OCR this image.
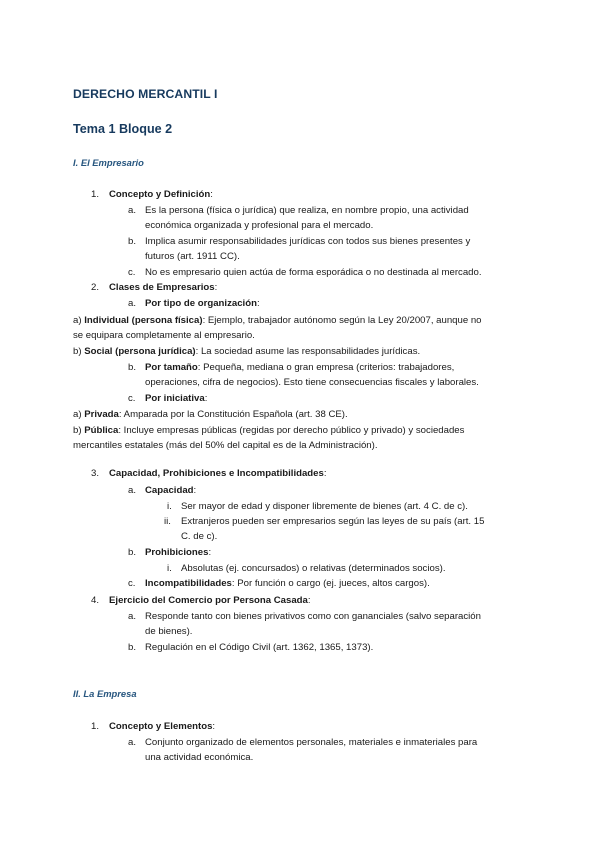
DERECHO MERCANTIL I
Tema 1 Bloque 2
I. El Empresario
1. Concepto y Definición:
a. Es la persona (física o jurídica) que realiza, en nombre propio, una actividad
económica organizada y profesional para el mercado.
b. Implica asumir responsabilidades jurídicas con todos sus bienes presentes y
futuros (art. 1911 CC).
c. No es empresario quien actúa de forma esporádica o no destinada al mercado.
2. Clases de Empresarios:
a. Por tipo de organización:
a) Individual (persona física): Ejemplo, trabajador autónomo según la Ley 20/2007, aunque no
se equipara completamente al empresario.
b) Social (persona jurídica): La sociedad asume las responsabilidades jurídicas.
b. Por tamaño: Pequeña, mediana o gran empresa (criterios: trabajadores,
operaciones, cifra de negocios). Esto tiene consecuencias fiscales y laborales.
c. Por iniciativa:
a) Privada: Amparada por la Constitución Española (art. 38 CE).
b) Pública: Incluye empresas públicas (regidas por derecho público y privado) y sociedades
mercantiles estatales (más del 50% del capital es de la Administración).
3. Capacidad, Prohibiciones e Incompatibilidades:
a. Capacidad:
i. Ser mayor de edad y disponer libremente de bienes (art. 4 C. de c).
ii. Extranjeros pueden ser empresarios según las leyes de su país (art. 15
C. de c).
b. Prohibiciones:
i. Absolutas (ej. concursados) o relativas (determinados socios).
c. Incompatibilidades: Por función o cargo (ej. jueces, altos cargos).
4. Ejercicio del Comercio por Persona Casada:
a. Responde tanto con bienes privativos como con gananciales (salvo separación
de bienes).
b. Regulación en el Código Civil (art. 1362, 1365, 1373).
II. La Empresa
1. Concepto y Elementos:
a. Conjunto organizado de elementos personales, materiales e inmateriales para
una actividad económica.
